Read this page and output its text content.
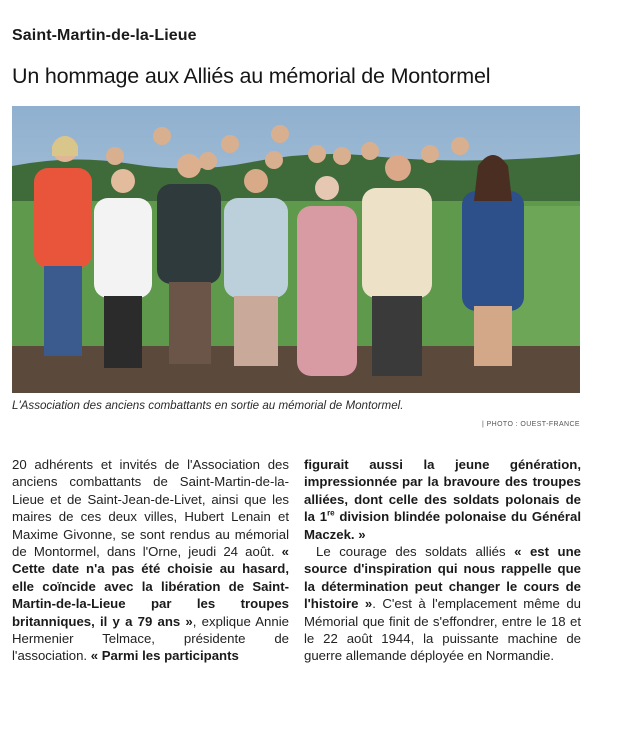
Saint-Martin-de-la-Lieue
Un hommage aux Alliés au mémorial de Montormel
L'Association des anciens combattants en sortie au mémorial de Montormel.
| PHOTO : OUEST-FRANCE

20 adhérents et invités de l'Association des anciens combattants de Saint-Martin-de-la-Lieue et de Saint-Jean-de-Livet, ainsi que les maires de ces deux villes, Hubert Lenain et Maxime Givonne, se sont rendus au mémorial de Montormel, dans l'Orne, jeudi 24 août. « Cette date n'a pas été choisie au hasard, elle coïncide avec la libération de Saint-Martin-de-la-Lieue par les troupes britanniques, il y a 79 ans », explique Annie Hermenier Telmace, présidente de l'association. « Parmi les participants

figurait aussi la jeune génération, impressionnée par la bravoure des troupes alliées, dont celle des soldats polonais de la 1re division blindée polonaise du Général Maczek. »

Le courage des soldats alliés « est une source d'inspiration qui nous rappelle que la détermination peut changer le cours de l'histoire ». C'est à l'emplacement même du Mémorial que finit de s'effondrer, entre le 18 et le 22 août 1944, la puissante machine de guerre allemande déployée en Normandie.
